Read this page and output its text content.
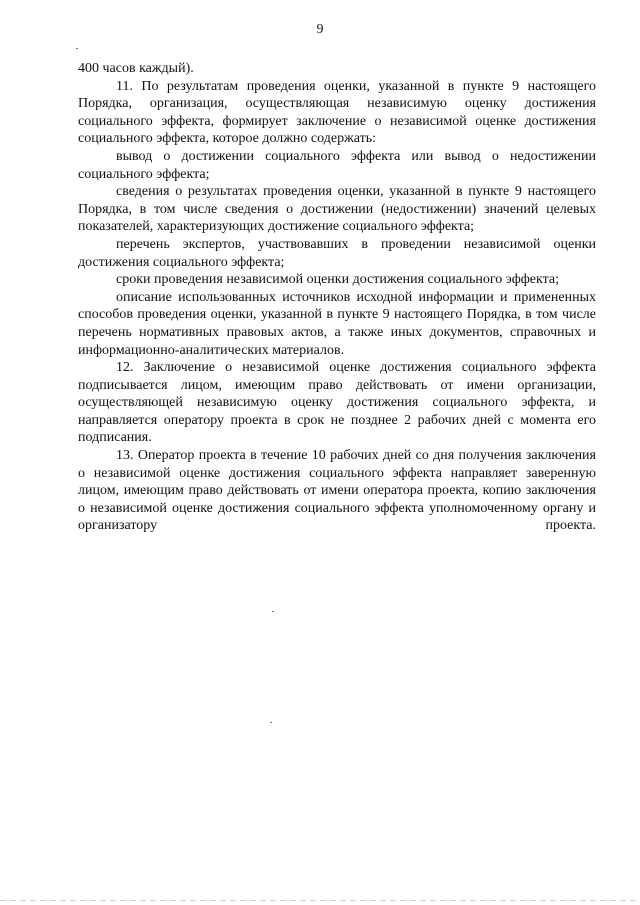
9

400 часов каждый).

11. По результатам проведения оценки, указанной в пункте 9 настоящего Порядка, организация, осуществляющая независимую оценку достижения социального эффекта, формирует заключение о независимой оценке достижения социального эффекта, которое должно содержать:

вывод о достижении социального эффекта или вывод о недостижении социального эффекта;

сведения о результатах проведения оценки, указанной в пункте 9 настоящего Порядка, в том числе сведения о достижении (недостижении) значений целевых показателей, характеризующих достижение социального эффекта;

перечень экспертов, участвовавших в проведении независимой оценки достижения социального эффекта;

сроки проведения независимой оценки достижения социального эффекта;

описание использованных источников исходной информации и примененных способов проведения оценки, указанной в пункте 9 настоящего Порядка, в том числе перечень нормативных правовых актов, а также иных документов, справочных и информационно-аналитических материалов.

12. Заключение о независимой оценке достижения социального эффекта подписывается лицом, имеющим право действовать от имени организации, осуществляющей независимую оценку достижения социального эффекта, и направляется оператору проекта в срок не позднее 2 рабочих дней с момента его подписания.

13. Оператор проекта в течение 10 рабочих дней со дня получения заключения о независимой оценке достижения социального эффекта направляет заверенную лицом, имеющим право действовать от имени оператора проекта, копию заключения о независимой оценке достижения социального эффекта уполномоченному органу и организатору проекта.
